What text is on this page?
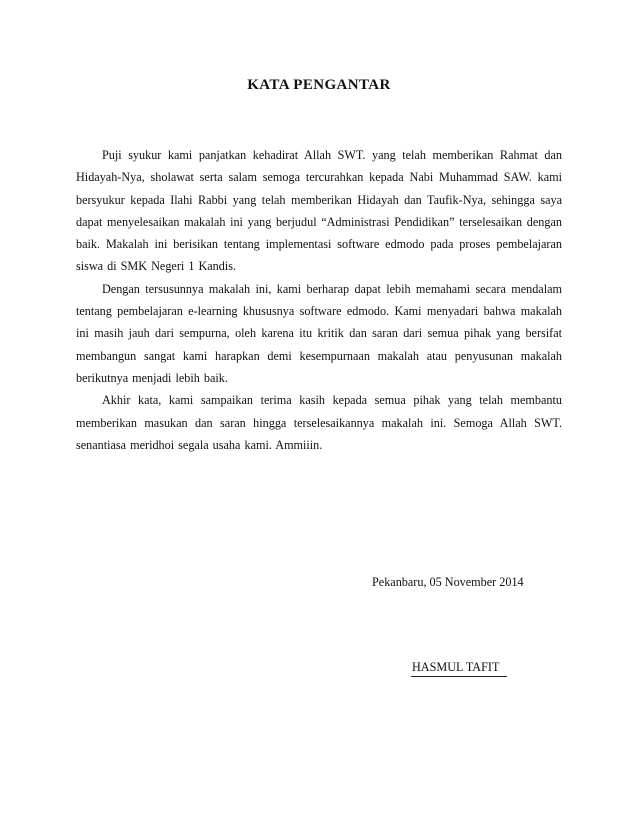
KATA PENGANTAR

Puji syukur kami panjatkan kehadirat Allah SWT. yang telah memberikan Rahmat dan Hidayah-Nya, sholawat serta salam semoga tercurahkan kepada Nabi Muhammad SAW. kami bersyukur kepada Ilahi Rabbi yang telah memberikan Hidayah dan Taufik-Nya, sehingga saya dapat menyelesaikan makalah ini yang berjudul “Administrasi Pendidikan” terselesaikan dengan baik. Makalah ini berisikan tentang implementasi software edmodo pada proses pembelajaran siswa di SMK Negeri 1 Kandis.

Dengan tersusunnya makalah ini, kami berharap dapat lebih memahami secara mendalam tentang pembelajaran e-learning khususnya software edmodo. Kami menyadari bahwa makalah ini masih jauh dari sempurna, oleh karena itu kritik dan saran dari semua pihak yang bersifat membangun sangat kami harapkan demi kesempurnaan makalah atau penyusunan makalah berikutnya menjadi lebih baik.

Akhir kata, kami sampaikan terima kasih kepada semua pihak yang telah membantu memberikan masukan dan saran hingga terselesaikannya makalah ini. Semoga Allah SWT. senantiasa meridhoi segala usaha kami. Ammiiin.

Pekanbaru, 05 November 2014

HASMUL TAFIT
